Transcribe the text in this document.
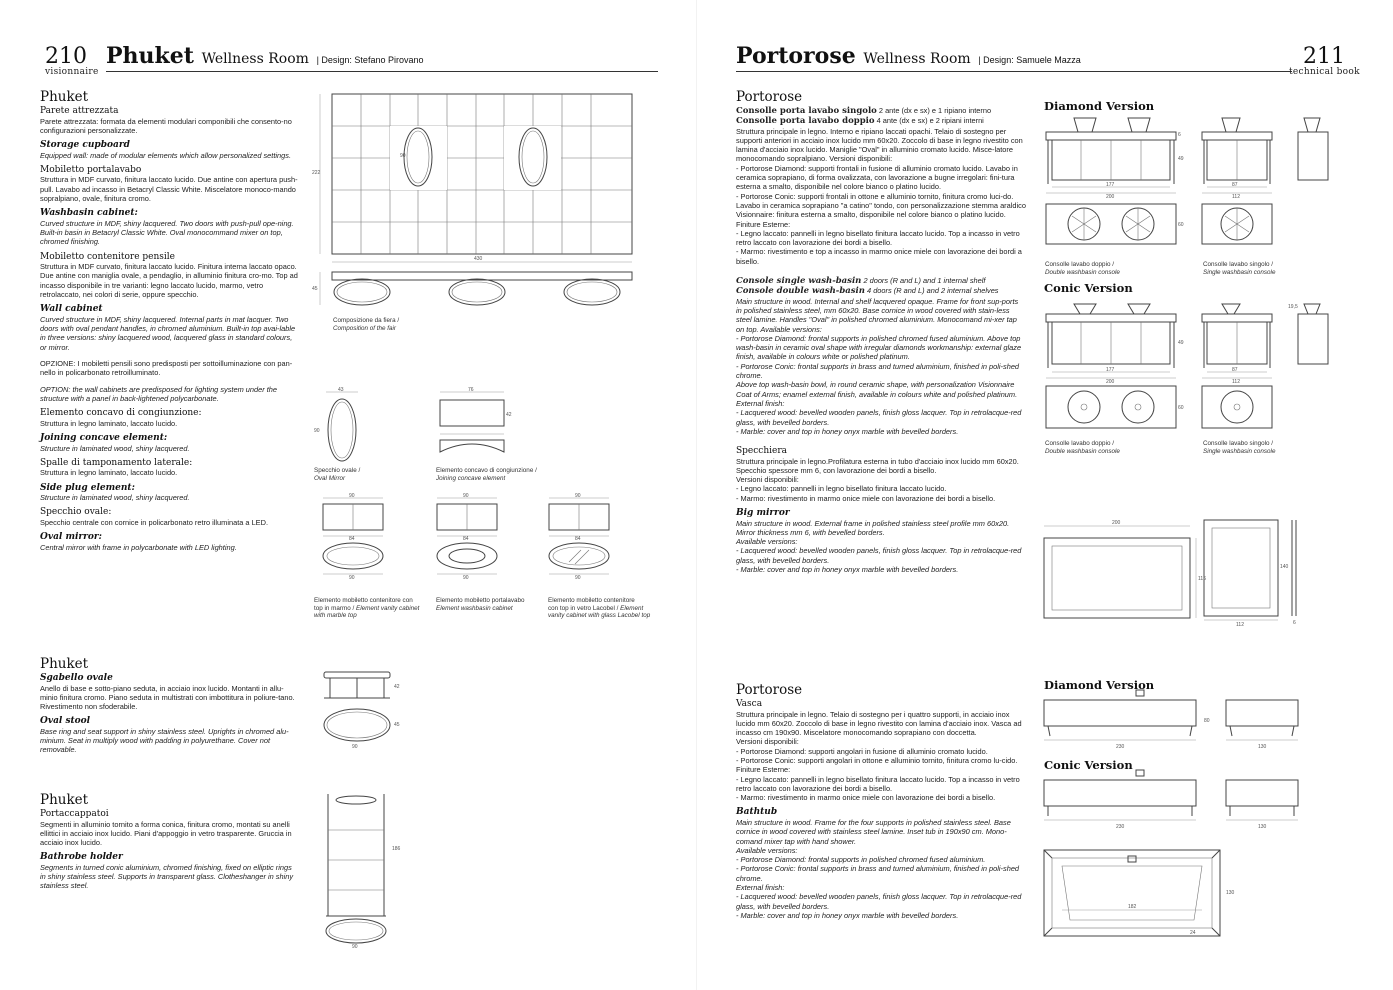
210
visionnaire
Phuket Wellness Room | Design: Stefano Pirovano	Portorose Wellness Room | Design: Samuele Mazza	211
technical book
Phuket
Parete attrezzata

Parete attrezzata: formata da elementi modulari componibili che consento-no configurazioni personalizzate.

Storage cupboard

Equipped wall: made of modular elements which allow personalized settings.

Mobiletto portalavabo

Struttura in MDF curvato, finitura laccato lucido. Due antine con apertura push-pull. Lavabo ad incasso in Betacryl Classic White. Miscelatore monoco-mando sopralpiano, ovale, finitura cromo.

Washbasin cabinet:

Curved structure in MDF, shiny lacquered. Two doors with push-pull ope-ning. Built-in basin in Betacryl Classic White. Oval monocommand mixer on top, chromed finishing.

Mobiletto contenitore pensile

Struttura in MDF curvato, finitura laccato lucido. Finitura interna laccato opaco. Due antine con maniglia ovale, a pendaglio, in alluminio finitura cro-mo. Top ad incasso disponibile in tre varianti: legno laccato lucido, marmo, vetro retrolaccato, nei colori di serie, oppure specchio.

Wall cabinet

Curved structure in MDF, shiny lacquered. Internal parts in mat lacquer. Two doors with oval pendant handles, in chromed aluminium. Built-in top avai-lable in three versions: shiny lacquered wood, lacquered glass in standard colours, or mirror.

OPZIONE: I mobiletti pensili sono predisposti per sottoilluminazione con pan-nello in policarbonato retroilluminato.

OPTION: the wall cabinets are predisposed for lighting system under the structure with a panel in back-lightened polycarbonate.

Elemento concavo di congiunzione:

Struttura in legno laminato, laccato lucido.

Joining concave element:

Structure in laminated wood, shiny lacquered.

Spalle di tamponamento laterale:

Struttura in legno laminato, laccato lucido.

Side plug element:

Structure in laminated wood, shiny lacquered.

Specchio ovale:

Specchio centrale con cornice in policarbonato retro illuminata a LED.

Oval mirror:

Central mirror with frame in polycarbonate with LED lighting.

Phuket
Sgabello ovale

Anello di base e sotto-piano seduta, in acciaio inox lucido. Montanti in allu-minio finitura cromo. Piano seduta in multistrati con imbottitura in poliure-tano. Rivestimento non sfoderabile.

Oval stool

Base ring and seat support in shiny stainless steel. Uprights in chromed alu-minium. Seat in multiply wood with padding in polyurethane. Cover not removable.

Phuket
Portaccappatoi

Segmenti in alluminio tornito a forma conica, finitura cromo, montati su anelli ellittici in acciaio inox lucido. Piani d'appoggio in vetro trasparente. Gruccia in acciaio inox lucido.

Bathrobe holder

Segments in turned conic aluminium, chromed finishing, fixed on elliptic rings in shiny stainless steel. Supports in transparent glass. Clotheshanger in shiny stainless steel.

222
430
90
45
Composizione da fiera /
Composition of the fair
43
90
Specchio ovale /
Oval Mirror
76
42
Elemento concavo di congiunzione /
Joining concave element
90
84
90
90
84
90
90
84
90
Elemento mobiletto contenitore con
top in marmo / Element vanity cabinet
with marble top
Elemento mobiletto portalavabo
Element washbasin cabinet
Elemento mobiletto contenitore
con top in vetro Lacobel / Element
vanity cabinet with glass Lacobel top
42
45
90
186
90
Portorose

Consolle porta lavabo singolo 2 ante (dx e sx) e 1 ripiano interno

Consolle porta lavabo doppio 4 ante (dx e sx) e 2 ripiani interni

Struttura principale in legno. Interno e ripiano laccati opachi. Telaio di sostegno per supporti anteriori in acciaio inox lucido mm 60x20. Zoccolo di base in legno rivestito con lamina d'acciaio inox lucido. Maniglie "Oval" in alluminio cromato lucido. Misce-latore monocomando sopralpiano. Versioni disponibili:

- Portorose Diamond: supporti frontali in fusione di alluminio cromato lucido. Lavabo in ceramica soprapiano, di forma ovalizzata, con lavorazione a bugne irregolari: fini-tura esterna a smalto, disponibile nel colore bianco o platino lucido.

- Portorose Conic: supporti frontali in ottone e alluminio tornito, finitura cromo luci-do. Lavabo in ceramica soprapiano "a catino" tondo, con personalizzazione stemma araldico Visionnaire: finitura esterna a smalto, disponibile nel colore bianco o platino lucido.

Finiture Esterne:

- Legno laccato: pannelli in legno bisellato finitura laccato lucido. Top a incasso in vetro retro laccato con lavorazione dei bordi a bisello.

- Marmo: rivestimento e top a incasso in marmo onice miele con lavorazione dei bordi a bisello.

Console single wash-basin 2 doors (R and L) and 1 internal shelf

Console double wash-basin 4 doors (R and L) and 2 internal shelves

Main structure in wood. Internal and shelf lacquered opaque. Frame for front sup-ports in polished stainless steel, mm 60x20. Base cornice in wood covered with stain-less steel lamine. Handles "Oval" in polished chromed aluminium. Monocomand mi-xer tap on top. Available versions:

- Portorose Diamond: frontal supports in polished chromed fused aluminium. Above top wash-basin in ceramic oval shape with irregular diamonds workmanship: external glaze finish, available in colours white or polished platinum.

- Portorose Conic: frontal supports in brass and turned aluminium, finished in poli-shed chrome.

Above top wash-basin bowl, in round ceramic shape, with personalization Visionnaire Coat of Arms; enamel external finish, available in colours white and polished platinum.

External finish:

- Lacquered wood: bevelled wooden panels, finish gloss lacquer. Top in retrolacque-red glass, with bevelled borders.

- Marble: cover and top in honey onyx marble with bevelled borders.

Specchiera

Struttura principale in legno.Profilatura esterna in tubo d'acciaio inox lucido mm 60x20. Specchio spessore mm 6, con lavorazione dei bordi a bisello.

Versioni disponibili:

- Legno laccato: pannelli in legno bisellato finitura laccato lucido.

- Marmo: rivestimento in marmo onice miele con lavorazione dei bordi a bisello.

Big mirror

Main structure in wood. External frame in polished stainless steel profile mm 60x20. Mirror thickness mm 6, with bevelled borders.

Available versions:

- Lacquered wood: bevelled wooden panels, finish gloss lacquer. Top in retrolacque-red glass, with bevelled borders.

- Marble: cover and top in honey onyx marble with bevelled borders.

Portorose
Vasca

Struttura principale in legno. Telaio di sostegno per i quattro supporti, in acciaio inox lucido mm 60x20. Zoccolo di base in legno rivestito con lamina d'acciaio inox. Vasca ad incasso cm 190x90. Miscelatore monocomando soprapiano con doccetta.

Versioni disponibili:

- Portorose Diamond: supporti angolari in fusione di alluminio cromato lucido.

- Portorose Conic: supporti angolari in ottone e alluminio tornito, finitura cromo lu-cido.

Finiture Esterne:

- Legno laccato: pannelli in legno bisellato finitura laccato lucido. Top a incasso in vetro retro laccato con lavorazione dei bordi a bisello.

- Marmo: rivestimento in marmo onice miele con lavorazione dei bordi a bisello.

Bathtub

Main structure in wood. Frame for the four supports in polished stainless steel. Base cornice in wood covered with stainless steel lamine. Inset tub in 190x90 cm. Mono-comand mixer tap with hand shower.

Available versions:

- Portorose Diamond: frontal supports in polished chromed fused aluminium.

- Portorose Conic: frontal supports in brass and turned aluminium, finished in poli-shed chrome.

External finish:

- Lacquered wood: bevelled wooden panels, finish gloss lacquer. Top in retrolacque-red glass, with bevelled borders.

- Marble: cover and top in honey onyx marble with bevelled borders.

Diamond Version
177
200
6
49
87
112
60
Consolle lavabo doppio /
Double washbasin console
Consolle lavabo singolo /
Single washbasin console
Conic Version
177
200
49
87
112
19,5
60
Consolle lavabo doppio /
Double washbasin console
Consolle lavabo singolo /
Single washbasin console
200
116
140
112	6
Diamond Version
230	130
80
Conic Version
230	130
182
130
24
